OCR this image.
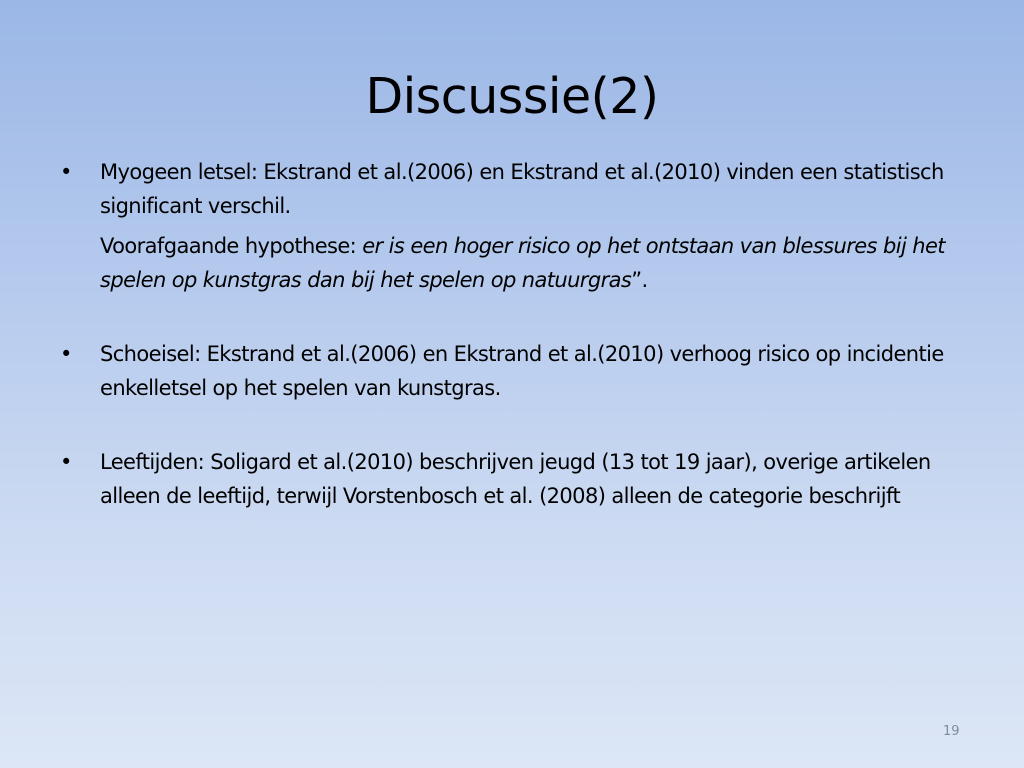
Discussie(2)

•	Myogeen letsel: Ekstrand et al.(2006) en Ekstrand et al.(2010) vinden een statistisch significant verschil.

Voorafgaande hypothese: er is een hoger risico op het ontstaan van blessures bij het spelen op kunstgras dan bij het spelen op natuurgras”.

•	Schoeisel: Ekstrand et al.(2006) en Ekstrand et al.(2010) verhoog risico op incidentie enkelletsel op het spelen van kunstgras.

•	Leeftijden: Soligard et al.(2010) beschrijven jeugd (13 tot 19 jaar), overige artikelen alleen de leeftijd, terwijl Vorstenbosch et al. (2008) alleen de categorie beschrijft

19
